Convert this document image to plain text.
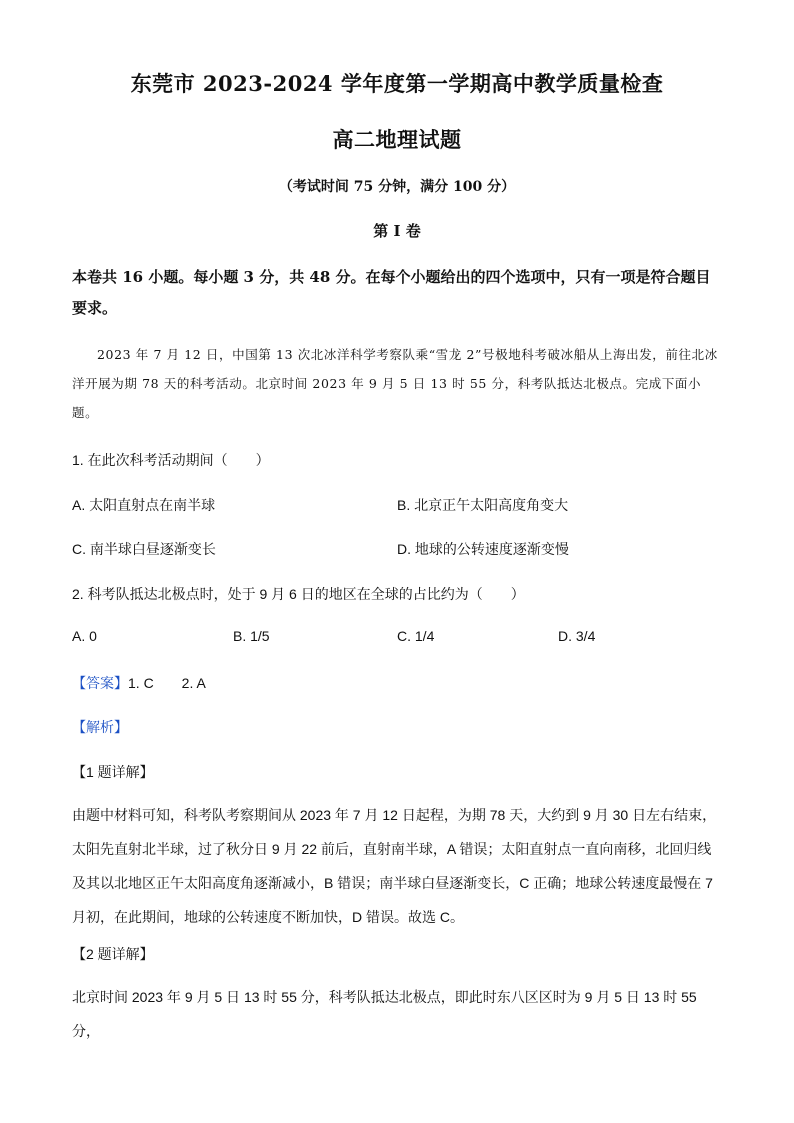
东莞市 2023-2024 学年度第一学期高中教学质量检查
高二地理试题
（考试时间 75 分钟，满分 100 分）
第 I 卷
本卷共 16 小题。每小题 3 分，共 48 分。在每个小题给出的四个选项中，只有一项是符合题目要求。
2023 年 7 月 12 日，中国第 13 次北冰洋科学考察队乘“雪龙 2”号极地科考破冰船从上海出发，前往北冰洋开展为期 78 天的科考活动。北京时间 2023 年 9 月 5 日 13 时 55 分，科考队抵达北极点。完成下面小题。
1. 在此次科考活动期间（　　）
A. 太阳直射点在南半球	B. 北京正午太阳高度角变大
C. 南半球白昼逐渐变长	D. 地球的公转速度逐渐变慢
2. 科考队抵达北极点时，处于 9 月 6 日的地区在全球的占比约为（　　）
A. 0	B. 1/5	C. 1/4	D. 3/4
【答案】1. C　　2. A
【解析】
【1 题详解】
由题中材料可知，科考队考察期间从 2023 年 7 月 12 日起程，为期 78 天，大约到 9 月 30 日左右结束，太阳先直射北半球，过了秋分日 9 月 22 前后，直射南半球，A 错误；太阳直射点一直向南移，北回归线及其以北地区正午太阳高度角逐渐减小，B 错误；南半球白昼逐渐变长，C 正确；地球公转速度最慢在 7 月初，在此期间，地球的公转速度不断加快，D 错误。故选 C。
【2 题详解】
北京时间 2023 年 9 月 5 日 13 时 55 分，科考队抵达北极点，即此时东八区区时为 9 月 5 日 13 时 55 分，
